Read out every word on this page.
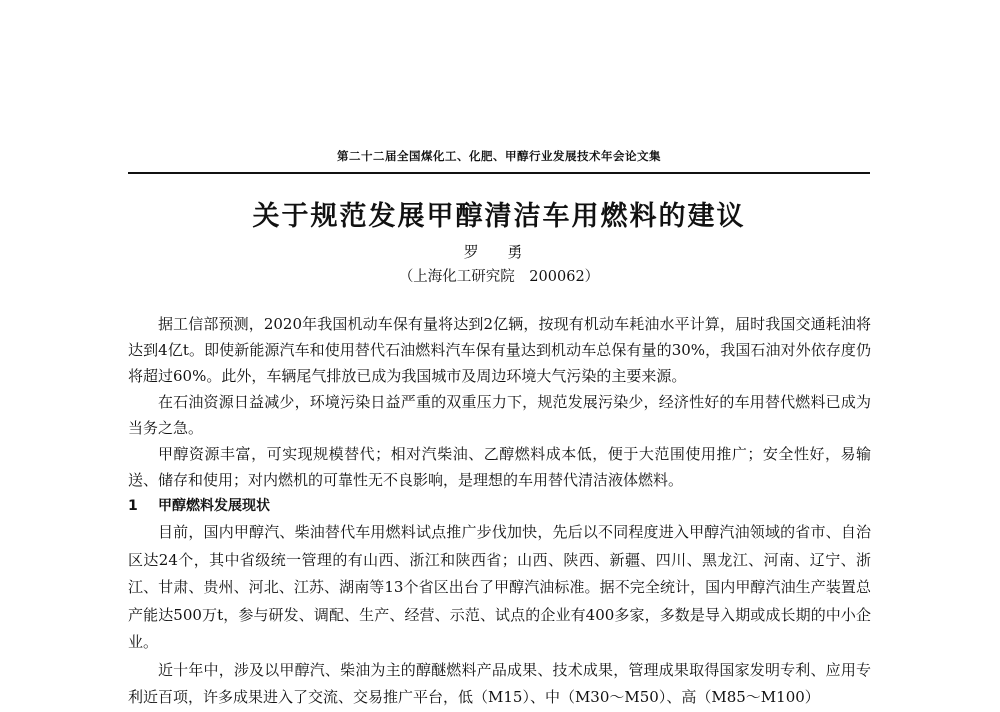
第二十二届全国煤化工、化肥、甲醇行业发展技术年会论文集
关于规范发展甲醇清洁车用燃料的建议
罗 勇
（上海化工研究院　200062）

据工信部预测，2020年我国机动车保有量将达到2亿辆，按现有机动车耗油水平计算，届时我国交通耗油将达到4亿t。即使新能源汽车和使用替代石油燃料汽车保有量达到机动车总保有量的30%，我国石油对外依存度仍将超过60%。此外，车辆尾气排放已成为我国城市及周边环境大气污染的主要来源。

在石油资源日益减少，环境污染日益严重的双重压力下，规范发展污染少，经济性好的车用替代燃料已成为当务之急。

甲醇资源丰富，可实现规模替代；相对汽柴油、乙醇燃料成本低，便于大范围使用推广；安全性好，易输送、储存和使用；对内燃机的可靠性无不良影响，是理想的车用替代清洁液体燃料。

1 甲醇燃料发展现状

目前，国内甲醇汽、柴油替代车用燃料试点推广步伐加快，先后以不同程度进入甲醇汽油领域的省市、自治区达24个，其中省级统一管理的有山西、浙江和陕西省；山西、陕西、新疆、四川、黑龙江、河南、辽宁、浙江、甘肃、贵州、河北、江苏、湖南等13个省区出台了甲醇汽油标准。据不完全统计，国内甲醇汽油生产装置总产能达500万t，参与研发、调配、生产、经营、示范、试点的企业有400多家，多数是导入期或成长期的中小企业。

近十年中，涉及以甲醇汽、柴油为主的醇醚燃料产品成果、技术成果，管理成果取得国家发明专利、应用专利近百项，许多成果进入了交流、交易推广平台，低（M15）、中（M30～M50）、高（M85～M100）
